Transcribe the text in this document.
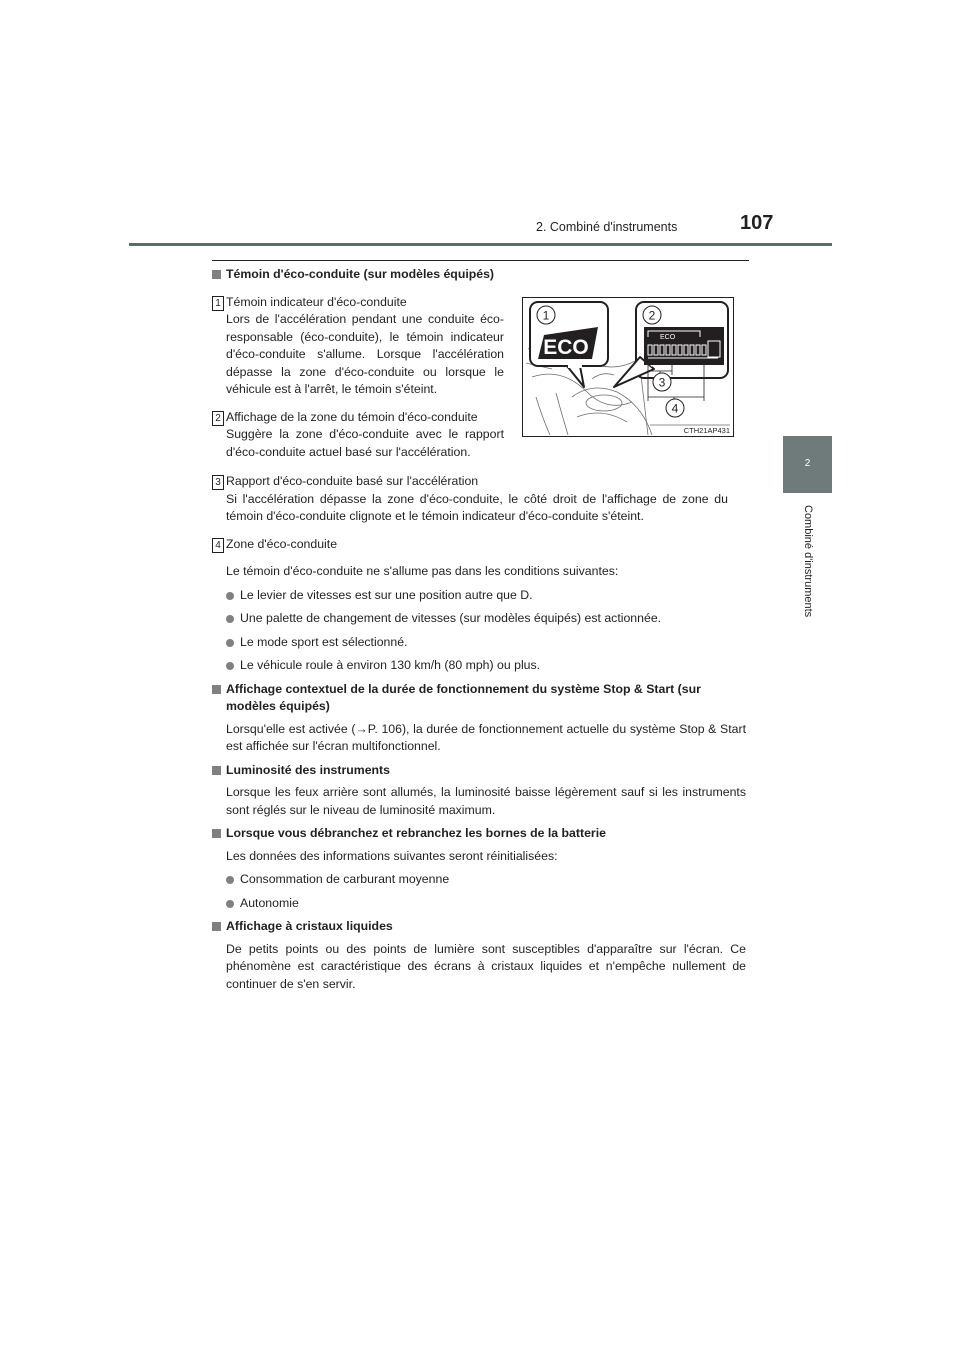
2. Combiné d'instruments	107
2
Combiné d'instruments
ECO
1
ECO
2
3
4
CTH21AP431

Témoin d'éco-conduite (sur modèles équipés)

1 Témoin indicateur d'éco-conduite
Lors de l'accélération pendant une conduite éco-responsable (éco-conduite), le témoin indicateur d'éco-conduite s'allume. Lorsque l'accélération dépasse la zone d'éco-conduite ou lorsque le véhicule est à l'arrêt, le témoin s'éteint.
2 Affichage de la zone du témoin d'éco-conduite
Suggère la zone d'éco-conduite avec le rapport d'éco-conduite actuel basé sur l'accélération.
3 Rapport d'éco-conduite basé sur l'accélération
Si l'accélération dépasse la zone d'éco-conduite, le côté droit de l'affichage de zone du témoin d'éco-conduite clignote et le témoin indicateur d'éco-conduite s'éteint.
4 Zone d'éco-conduite

Le témoin d'éco-conduite ne s'allume pas dans les conditions suivantes:

Le levier de vitesses est sur une position autre que D.

Une palette de changement de vitesses (sur modèles équipés) est actionnée.

Le mode sport est sélectionné.

Le véhicule roule à environ 130 km/h (80 mph) ou plus.

Affichage contextuel de la durée de fonctionnement du système Stop & Start (sur modèles équipés)

Lorsqu'elle est activée (→P. 106), la durée de fonctionnement actuelle du système Stop & Start est affichée sur l'écran multifonctionnel.

Luminosité des instruments

Lorsque les feux arrière sont allumés, la luminosité baisse légèrement sauf si les instruments sont réglés sur le niveau de luminosité maximum.

Lorsque vous débranchez et rebranchez les bornes de la batterie

Les données des informations suivantes seront réinitialisées:

Consommation de carburant moyenne

Autonomie

Affichage à cristaux liquides

De petits points ou des points de lumière sont susceptibles d'apparaître sur l'écran. Ce phénomène est caractéristique des écrans à cristaux liquides et n'empêche nullement de continuer de s'en servir.
